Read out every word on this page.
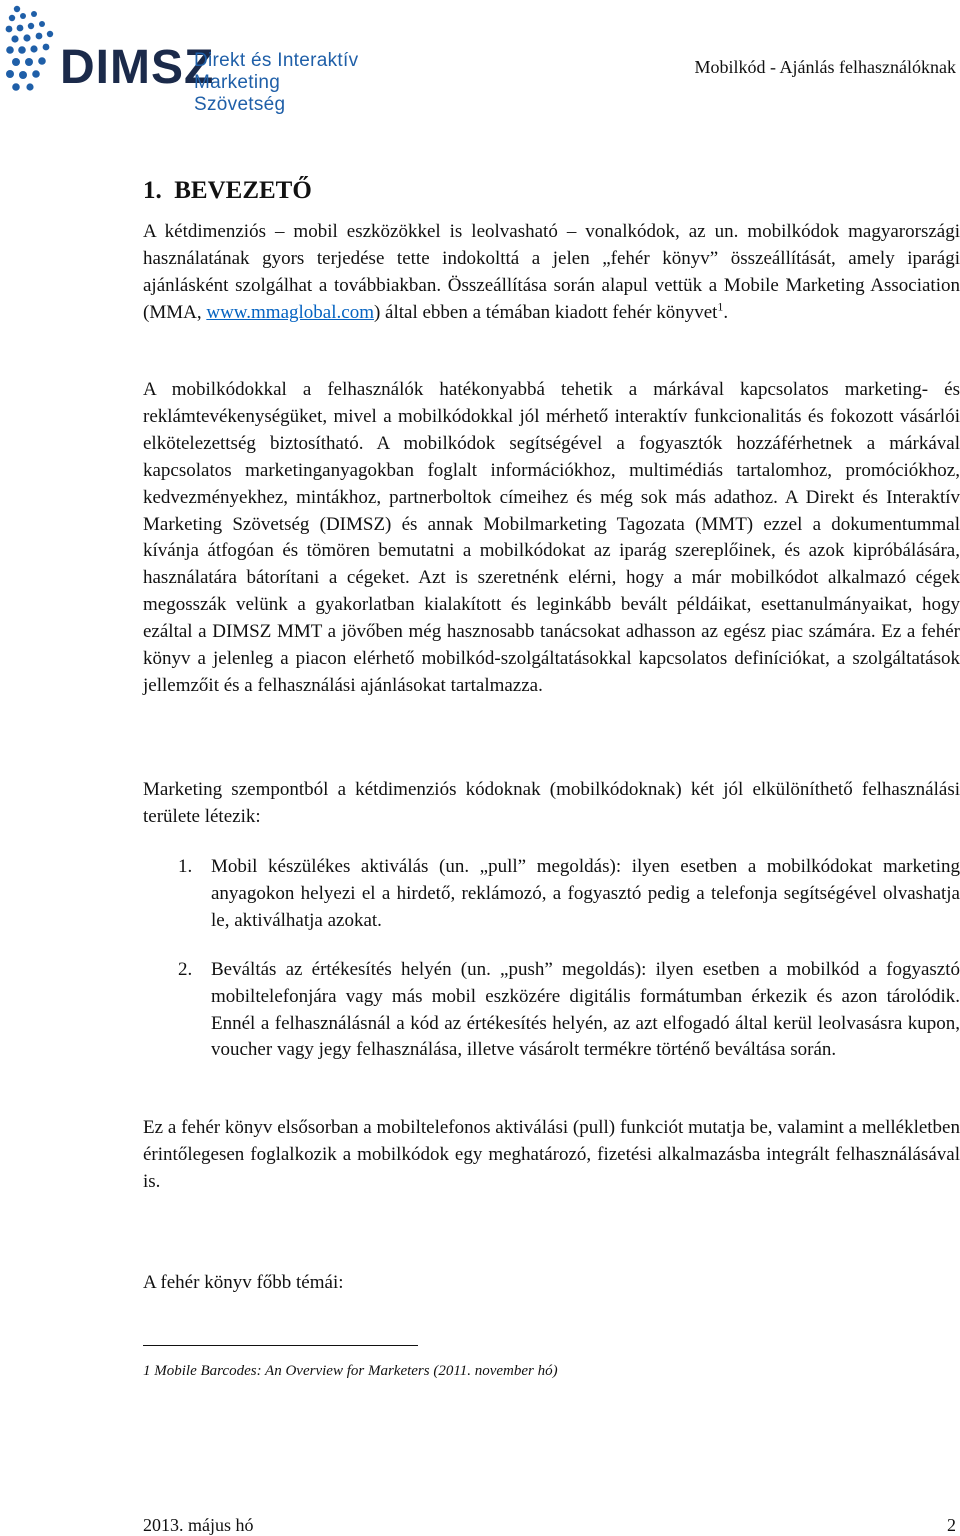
DIMSZ
Direkt és Interaktív
Marketing Szövetség
Mobilkód - Ajánlás felhasználóknak
1. BEVEZETŐ

A kétdimenziós – mobil eszközökkel is leolvasható – vonalkódok, az un. mobilkódok magyarországi használatának gyors terjedése tette indokolttá a jelen „fehér könyv” összeállítását, amely iparági ajánlásként szolgálhat a továbbiakban. Összeállítása során alapul vettük a Mobile Marketing Association (MMA, www.mmaglobal.com) által ebben a témában kiadott fehér könyvet$^1$.

A mobilkódokkal a felhasználók hatékonyabbá tehetik a márkával kapcsolatos marketing- és reklámtevékenységüket, mivel a mobilkódokkal jól mérhető interaktív funkcionalitás és fokozott vásárlói elkötelezettség biztosítható. A mobilkódok segítségével a fogyasztók hozzáférhetnek a márkával kapcsolatos marketinganyagokban foglalt információkhoz, multimédiás tartalomhoz, promóciókhoz, kedvezményekhez, mintákhoz, partnerboltok címeihez és még sok más adathoz. A Direkt és Interaktív Marketing Szövetség (DIMSZ) és annak Mobilmarketing Tagozata (MMT) ezzel a dokumentummal kívánja átfogóan és tömören bemutatni a mobilkódokat az iparág szereplőinek, és azok kipróbálására, használatára bátorítani a cégeket. Azt is szeretnénk elérni, hogy a már mobilkódot alkalmazó cégek megosszák velünk a gyakorlatban kialakított és leginkább bevált példáikat, esettanulmányaikat, hogy ezáltal a DIMSZ MMT a jövőben még hasznosabb tanácsokat adhasson az egész piac számára. Ez a fehér könyv a jelenleg a piacon elérhető mobilkód-szolgáltatásokkal kapcsolatos definíciókat, a szolgáltatások jellemzőit és a felhasználási ajánlásokat tartalmazza.

Marketing szempontból a kétdimenziós kódoknak (mobilkódoknak) két jól elkülöníthető felhasználási területe létezik:

1. Mobil készülékes aktiválás (un. „pull” megoldás): ilyen esetben a mobilkódokat marketing anyagokon helyezi el a hirdető, reklámozó, a fogyasztó pedig a telefonja segítségével olvashatja le, aktiválhatja azokat.

2. Beváltás az értékesítés helyén (un. „push” megoldás): ilyen esetben a mobilkód a fogyasztó mobiltelefonjára vagy más mobil eszközére digitális formátumban érkezik és azon tárolódik. Ennél a felhasználásnál a kód az értékesítés helyén, az azt elfogadó által kerül leolvasásra kupon, voucher vagy jegy felhasználása, illetve vásárolt termékre történő beváltása során.

Ez a fehér könyv elsősorban a mobiltelefonos aktiválási (pull) funkciót mutatja be, valamint a mellékletben érintőlegesen foglalkozik a mobilkódok egy meghatározó, fizetési alkalmazásba integrált felhasználásával is.

A fehér könyv főbb témái:

1 Mobile Barcodes: An Overview for Marketers (2011. november hó)
2013. május hó	2
